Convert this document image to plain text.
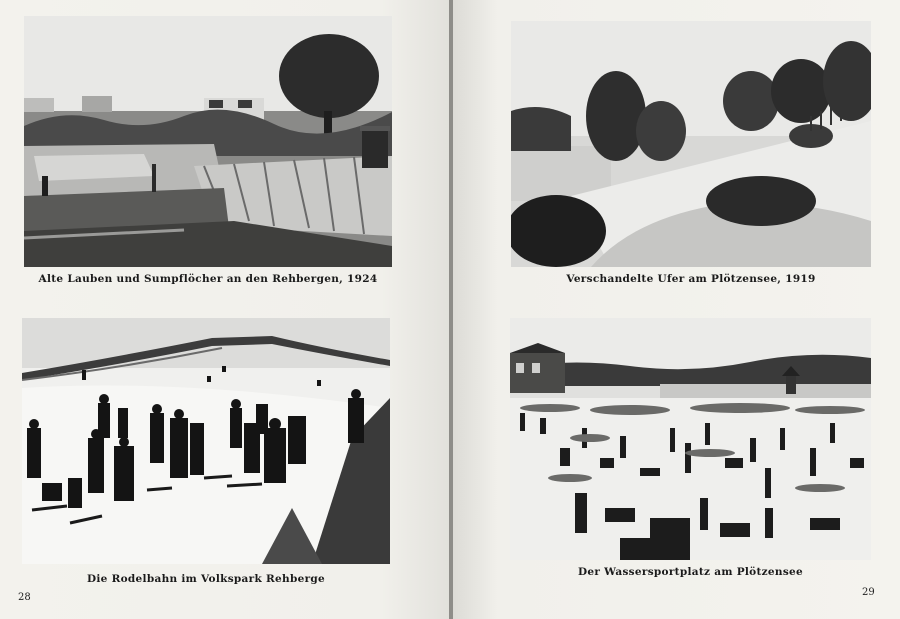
Alte Lauben und Sumpflöcher an den Rehbergen, 1924
Die Rodelbahn im Volkspark Rehberge
28
Verschandelte Ufer am Plötzensee, 1919
Der Wassersportplatz am Plötzensee
29
